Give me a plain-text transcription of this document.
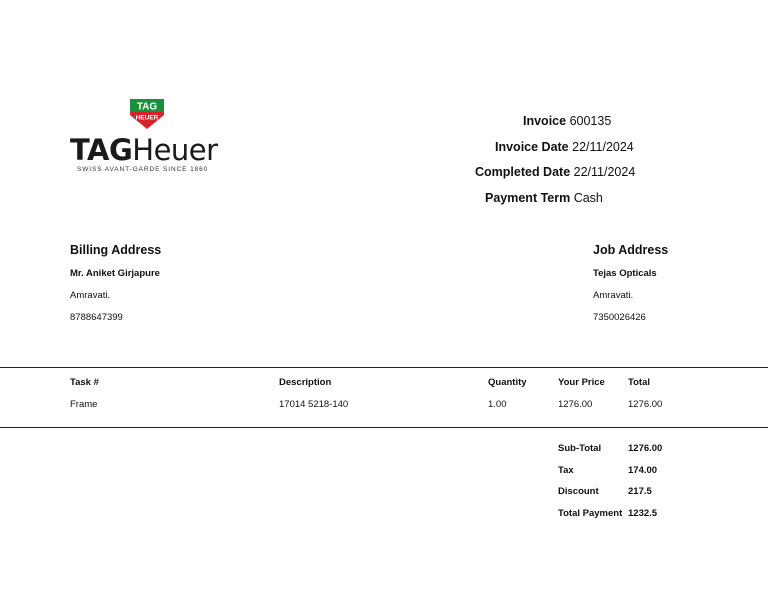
TAG
HEUER
TAGHeuer
SWISS AVANT-GARDE SINCE 1860
Invoice 600135
Invoice Date 22/11/2024
Completed Date 22/11/2024
Payment Term Cash
Billing Address
Mr. Aniket Girjapure
Amravati.
8788647399
Job Address
Tejas Opticals
Amravati.
7350026426
Task #	Description	Quantity	Your Price Total
Frame	17014 5218-140	1.00	1276.00	1276.00
Sub-Total	1276.00
Tax	174.00
Discount	217.5
Total Payment 1232.5
